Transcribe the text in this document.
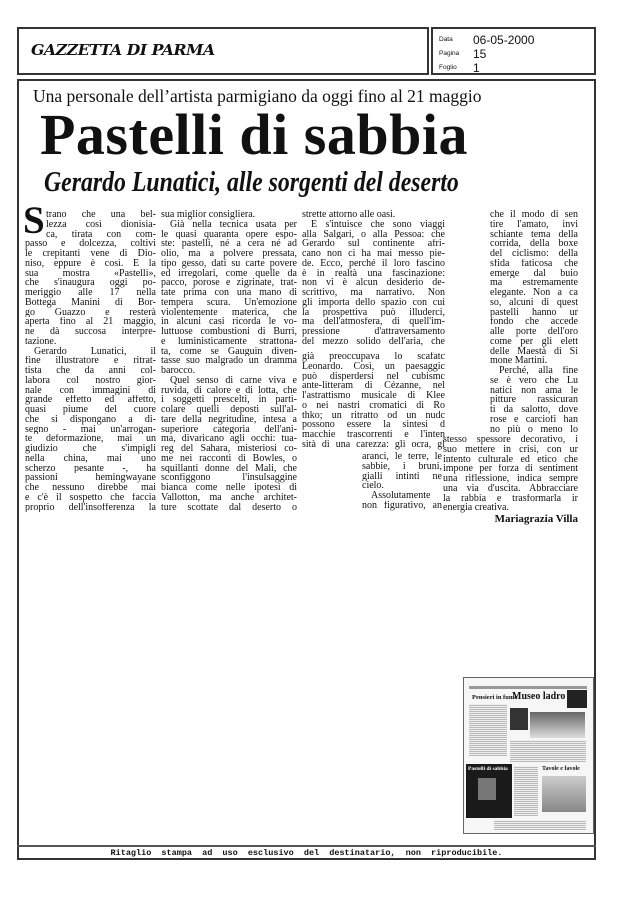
GAZZETTA DI PARMA
Data 06-05-2000
Pagina 15
Foglio 1
Una personale dell’artista parmigiano da oggi fino al 21 maggio
Pastelli di sabbia
Gerardo Lunatici, alle sorgenti del deserto
S trano che una bel-
lezza così dionisia-
ca, tirata con com-
passo e dolcezza, coltivi
le crepitanti vene di Dio-
niso, eppure è così. E la
sua mostra «Pastelli»,
che s'inaugura oggi po-
meriggio alle 17 nella
Bottega Manini di Bor-
go Guazzo e resterà
aperta fino al 21 maggio,
ne dà succosa interpre-
tazione.
Gerardo Lunatici, il
fine illustratore e ritrat-
tista che da anni col-
labora col nostro gior-
nale con immagini di
grande effetto ed affetto,
quasi piume del cuore
che si dispongano a di-
segno - mai un'arrogan-
te deformazione, mai un
giudizio che s'impigli
nella china, mai uno
scherzo pesante -, ha
passioni hemingwayane
che nessuno direbbe mai
e c'è il sospetto che faccia
proprio dell'insofferenza la
sua miglior consigliera.
Già nella tecnica usata per
le quasi quaranta opere espo-
ste: pastelli, né a cera né ad
olio, ma a polvere pressata,
tipo gesso, dati su carte povere
ed irregolari, come quelle da
pacco, porose e zigrinate, trat-
tate prima con una mano di
tempera scura. Un'emozione
violentemente materica, che
in alcuni casi ricorda le vo-
luttuose combustioni di Burri,
e luministicamente strattona-
ta, come se Gauguin diven-
tasse suo malgrado un dramma
barocco.
Quel senso di carne viva e
ruvida, di calore e di lotta, che
i soggetti prescelti, in parti-
colare quelli deposti sull'al-
tare della negritudine, intesa a
superiore categoria dell'ani-
ma, divaricano agli occhi: tua-
reg del Sahara, misteriosi co-
me nei racconti di Bowles, o
squillanti donne del Mali, che
sconfiggono l'insulsaggine
bianca come nelle ipotesi di
Vallotton, ma anche architet-
ture scottate dal deserto o
strette attorno alle oasi.
E s'intuisce che sono viaggi
alla Salgari, o alla Pessoa: che
Gerardo sul continente afri-
cano non ci ha mai messo pie-
de. Ecco, perché il loro fascino
è in realtà una fascinazione:
non vi è alcun desiderio de-
scrittivo, ma narrativo. Non
gli importa dello spazio con cui
la prospettiva può illuderci,
ma dell'atmosfera, di quell'im-
pressione d'attraversamento
del mezzo solido dell'aria, che
già preoccupava lo scafatc
Leonardo. Così, un paesaggic
può disperdersi nel cubismc
ante-litteram di Cézanne, nel
l'astrattismo musicale di Klee
o nei nastri cromatici di Ro
thko; un ritratto od un nudc
possono essere la sintesi d
macchie trascorrenti e l'inten
sità di una carezza: gli ocra, gl
aranci, le terre, le
sabbie, i bruni,
gialli intinti ne
cielo.
Assolutamente
non figurativo, an
che il modo di sen
tire l'amato, invi
schiante tema della
corrida, della boxe
del ciclismo: della
sfida faticosa che
emerge dal buio
ma estremamente
elegante. Non a ca
so, alcuni di quest
pastelli hanno ur
fondo che accede
alle porte dell'oro
come per gli elett
delle Maestà di Si
mone Martini.
Perché, alla fine
se è vero che Lu
natici non ama le
pitture rassicuran
ti da salotto, dove
rose e carciofi han
no più o meno lo
stesso spessore decorativo, i
suo mettere in crisi, con ur
intento culturale ed etico che
impone per forza di sentiment
una riflessione, indica sempre
una via d'uscita. Abbracciare
la rabbia e trasformarla ir
energia creativa.
Mariagrazia Villa
Pensieri in fumo
Museo ladro
Pastelli di sabbia	Tavole e favole
Ritaglio stampa ad uso esclusivo del destinatario, non riproducibile.
